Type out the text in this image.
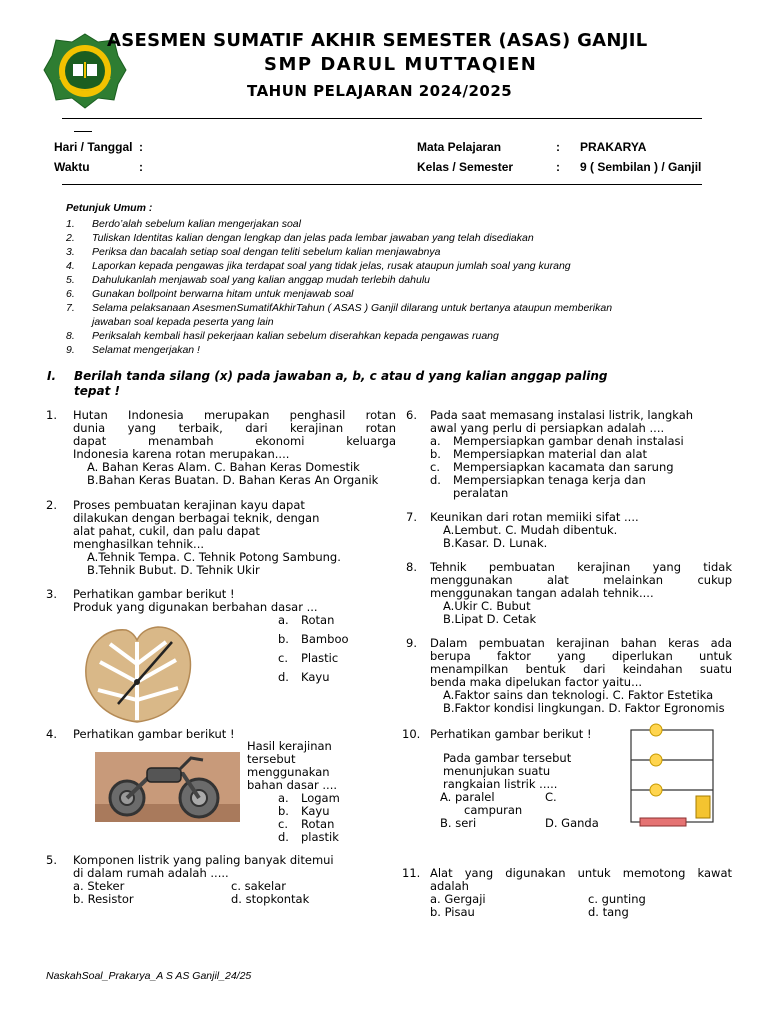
ASESMEN SUMATIF AKHIR SEMESTER (ASAS) GANJIL
SMP DARUL MUTTAQIEN
TAHUN PELAJARAN 2024/2025
Hari / Tanggal :
Waktu	:
Mata Pelajaran	: PRAKARYA
Kelas / Semester	: 9 ( Sembilan ) / Ganjil
Petunjuk Umum :
1. Berdo’alah sebelum kalian mengerjakan soal
2. Tuliskan Identitas kalian dengan lengkap dan jelas pada lembar jawaban yang telah disediakan
3. Periksa dan bacalah setiap soal dengan teliti sebelum kalian menjawabnya
4. Laporkan kepada pengawas jika terdapat soal yang tidak jelas, rusak ataupun jumlah soal yang kurang
5. Dahulukanlah menjawab soal yang kalian anggap mudah terlebih dahulu
6. Gunakan bollpoint berwarna hitam untuk menjawab soal
7. Selama pelaksanaan AsesmenSumatifAkhirTahun ( ASAS ) Ganjil dilarang untuk bertanya ataupun memberikan
jawaban soal kepada peserta yang lain
8. Periksalah kembali hasil pekerjaan kalian sebelum diserahkan kepada pengawas ruang
9. Selamat mengerjakan !
I. Berilah tanda silang (x) pada jawaban a, b, c atau d yang kalian anggap paling
tepat !
1. Hutan Indonesia merupakan penghasil rotan
dunia yang terbaik, dari kerajinan rotan
dapat menambah ekonomi keluarga
Indonesia karena rotan merupakan....
A. Bahan Keras Alam. C. Bahan Keras Domestik
B.Bahan Keras Buatan. D. Bahan Keras An Organik
2. Proses pembuatan kerajinan kayu dapat
dilakukan dengan berbagai teknik, dengan
alat pahat, cukil, dan palu dapat
menghasilkan tehnik...
A.Tehnik Tempa. C. Tehnik Potong Sambung.
B.Tehnik Bubut. D. Tehnik Ukir
3. Perhatikan gambar berikut !
Produk yang digunakan berbahan dasar ...
a. Rotan
b. Bamboo
c. Plastic
d. Kayu
4. Perhatikan gambar berikut !
Hasil kerajinan
tersebut
menggunakan
bahan dasar ....
a. Logam
b. Kayu
c. Rotan
d. plastik
5. Komponen listrik yang paling banyak ditemui
di dalam rumah adalah .....
a. Steker	c. sakelar
b. Resistor	d. stopkontak
6. Pada saat memasang instalasi listrik, langkah
awal yang perlu di persiapkan adalah ....
a. Mempersiapkan gambar denah instalasi
b. Mempersiapkan material dan alat
c. Mempersiapkan kacamata dan sarung
d. Mempersiapkan tenaga kerja dan
peralatan
7. Keunikan dari rotan memiiki sifat ....
A.Lembut. C. Mudah dibentuk.
B.Kasar. D. Lunak.
8. Tehnik pembuatan kerajinan yang tidak
menggunakan alat melainkan cukup
menggunakan tangan adalah tehnik....
A.Ukir C. Bubut
B.Lipat D. Cetak
9. Dalam pembuatan kerajinan bahan keras ada
berupa faktor yang diperlukan untuk
menampilkan bentuk dari keindahan suatu
benda maka dipelukan factor yaitu...
A.Faktor sains dan teknologi. C. Faktor Estetika
B.Faktor kondisi lingkungan. D. Faktor Egronomis
10. Perhatikan gambar berikut !
Pada gambar tersebut
menunjukan suatu
rangkaian listrik .....
A. paralel	C.
campuran
B. seri	D. Ganda
11. Alat yang digunakan untuk memotong kawat
adalah
a. Gergaji	c. gunting
b. Pisau	d. tang
NaskahSoal_Prakarya_A S AS Ganjil_24/25
